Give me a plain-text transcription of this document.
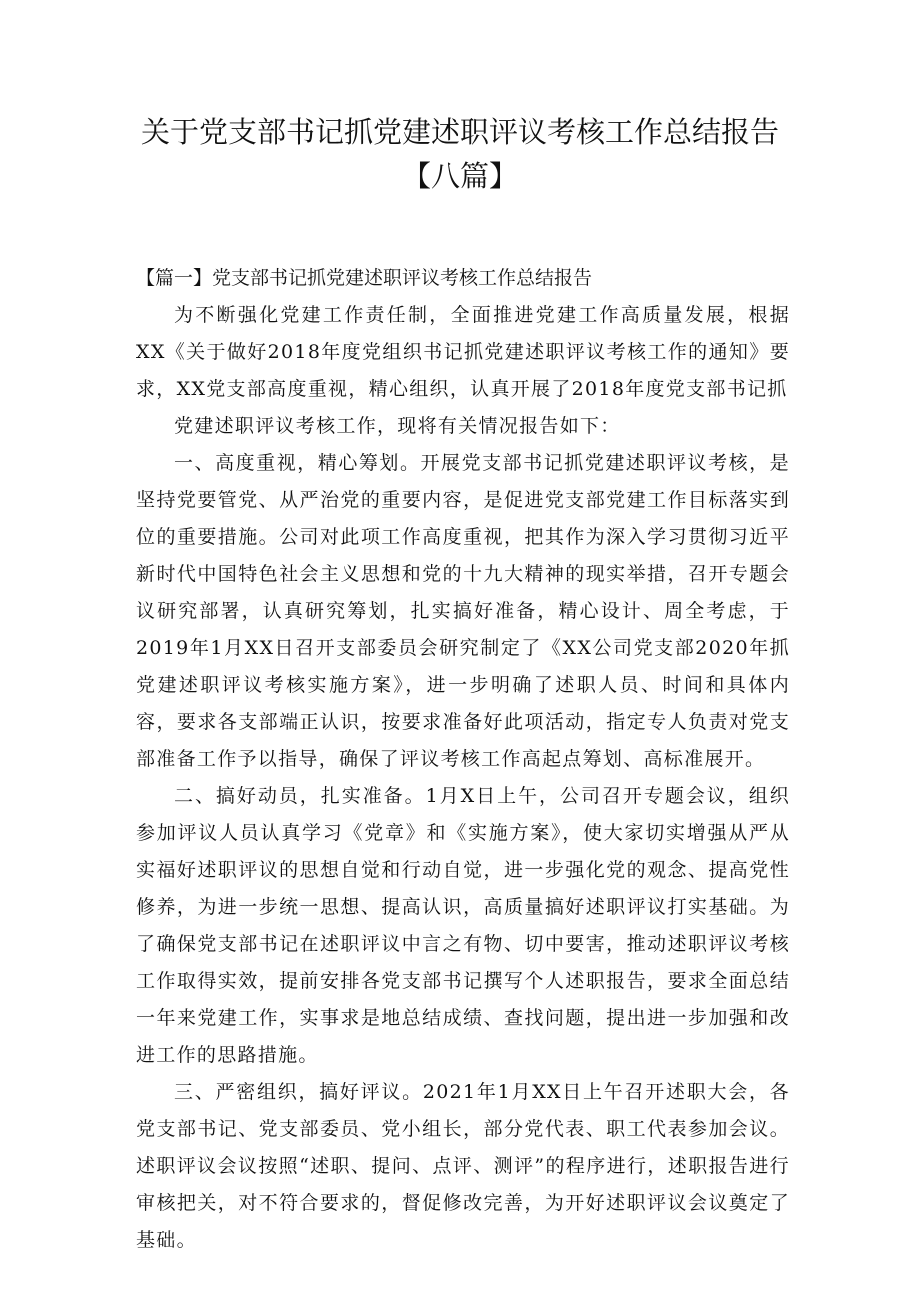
关于党支部书记抓党建述职评议考核工作总结报告【八篇】

【篇一】党支部书记抓党建述职评议考核工作总结报告

为不断强化党建工作责任制，全面推进党建工作高质量发展，根据XX《关于做好2018年度党组织书记抓党建述职评议考核工作的通知》要求，XX党支部高度重视，精心组织，认真开展了2018年度党支部书记抓

党建述职评议考核工作，现将有关情况报告如下：

一、高度重视，精心筹划。开展党支部书记抓党建述职评议考核，是坚持党要管党、从严治党的重要内容，是促进党支部党建工作目标落实到位的重要措施。公司对此项工作高度重视，把其作为深入学习贯彻习近平新时代中国特色社会主义思想和党的十九大精神的现实举措，召开专题会议研究部署，认真研究筹划，扎实搞好准备，精心设计、周全考虑，于2019年1月XX日召开支部委员会研究制定了《XX公司党支部2020年抓党建述职评议考核实施方案》，进一步明确了述职人员、时间和具体内容，要求各支部端正认识，按要求准备好此项活动，指定专人负责对党支部准备工作予以指导，确保了评议考核工作高起点筹划、高标准展开。

二、搞好动员，扎实准备。1月X日上午，公司召开专题会议，组织参加评议人员认真学习《党章》和《实施方案》，使大家切实增强从严从实福好述职评议的思想自觉和行动自觉，进一步强化党的观念、提高党性修养，为进一步统一思想、提高认识，高质量搞好述职评议打实基础。为了确保党支部书记在述职评议中言之有物、切中要害，推动述职评议考核工作取得实效，提前安排各党支部书记撰写个人述职报告，要求全面总结一年来党建工作，实事求是地总结成绩、查找问题，提出进一步加强和改进工作的思路措施。

三、严密组织，搞好评议。2021年1月XX日上午召开述职大会，各党支部书记、党支部委员、党小组长，部分党代表、职工代表参加会议。述职评议会议按照“述职、提问、点评、测评”的程序进行，述职报告进行审核把关，对不符合要求的，督促修改完善，为开好述职评议会议奠定了基础。
